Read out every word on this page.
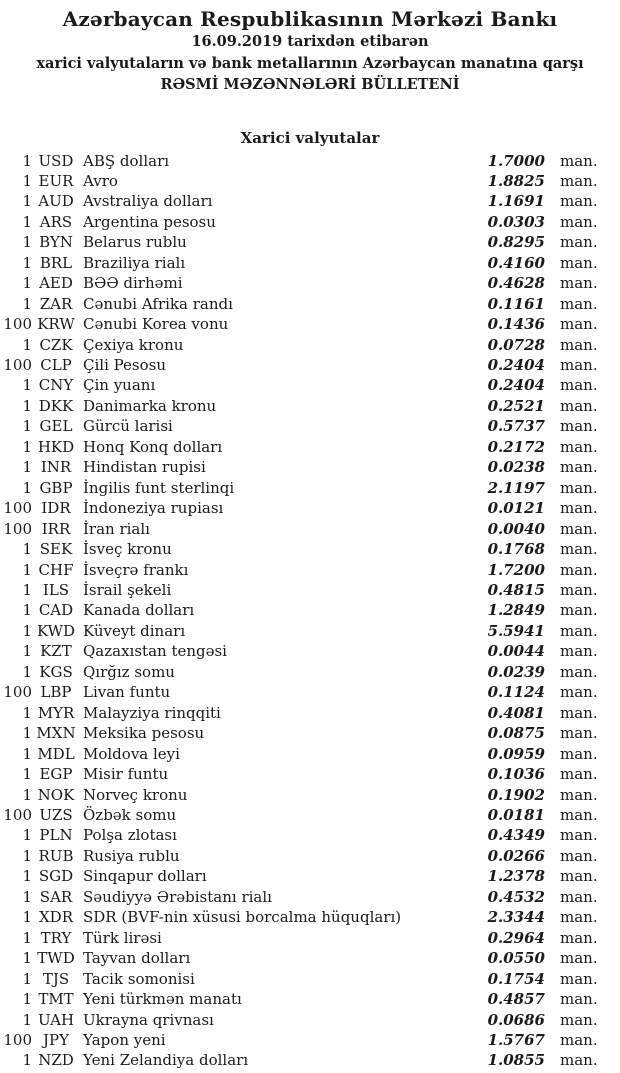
Azərbaycan Respublikasının Mərkəzi Bankı
16.09.2019 tarixdən etibarən
xarici valyutaların və bank metallarının Azərbaycan manatına qarşı
RƏSMİ MƏZƏNNƏLƏRİ BÜLLETENİ
Xarici valyutalar
1 USD ABŞ dolları	1.7000	man.
1 EUR Avro	1.8825	man.
1 AUD Avstraliya dolları	1.1691	man.
1 ARS Argentina pesosu	0.0303	man.
1 BYN Belarus rublu	0.8295	man.
1 BRL Braziliya rialı	0.4160	man.
1 AED BƏƏ dirhəmi	0.4628	man.
1 ZAR Cənubi Afrika randı	0.1161	man.
100 KRW Cənubi Korea vonu	0.1436	man.
1 CZK Çexiya kronu	0.0728	man.
100 CLP Çili Pesosu	0.2404	man.
1 CNY Çin yuanı	0.2404	man.
1 DKK Danimarka kronu	0.2521	man.
1 GEL Gürcü larisi	0.5737	man.
1 HKD Honq Konq dolları	0.2172	man.
1 INR Hindistan rupisi	0.0238	man.
1 GBP İngilis funt sterlinqi	2.1197	man.
100 IDR İndoneziya rupiası	0.0121	man.
100 IRR İran rialı	0.0040	man.
1 SEK İsveç kronu	0.1768	man.
1 CHF İsveçrə frankı	1.7200	man.
1 ILS İsrail şekeli	0.4815	man.
1 CAD Kanada dolları	1.2849	man.
1 KWD Küveyt dinarı	5.5941	man.
1 KZT Qazaxıstan tengəsi	0.0044	man.
1 KGS Qırğız somu	0.0239	man.
100 LBP Livan funtu	0.1124	man.
1 MYR Malayziya rinqqiti	0.4081	man.
1 MXN Meksika pesosu	0.0875	man.
1 MDL Moldova leyi	0.0959	man.
1 EGP Misir funtu	0.1036	man.
1 NOK Norveç kronu	0.1902	man.
100 UZS Özbək somu	0.0181	man.
1 PLN Polşa zlotası	0.4349	man.
1 RUB Rusiya rublu	0.0266	man.
1 SGD Sinqapur dolları	1.2378	man.
1 SAR Səudiyyə Ərəbistanı rialı	0.4532	man.
1 XDR SDR (BVF-nin xüsusi borcalma hüquqları)	2.3344	man.
1 TRY Türk lirəsi	0.2964	man.
1 TWD Tayvan dolları	0.0550	man.
1 TJS Tacik somonisi	0.1754	man.
1 TMT Yeni türkmən manatı	0.4857	man.
1 UAH Ukrayna qrivnası	0.0686	man.
100 JPY Yapon yeni	1.5767	man.
1 NZD Yeni Zelandiya dolları	1.0855	man.
